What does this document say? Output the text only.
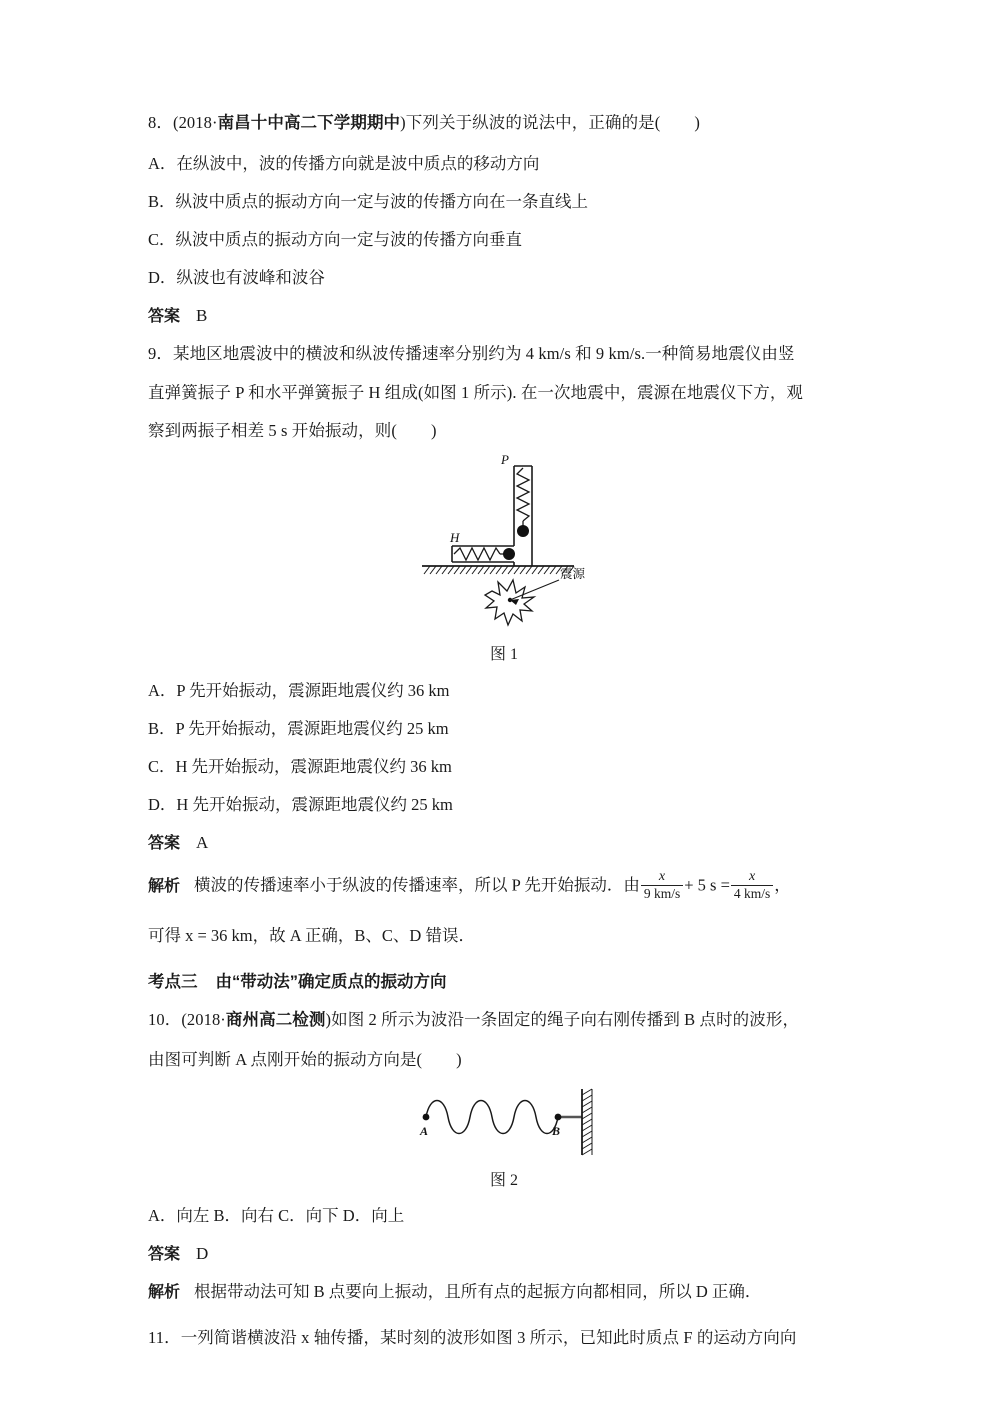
8．(2018·南昌十中高二下学期期中)下列关于纵波的说法中，正确的是( )
A．在纵波中，波的传播方向就是波中质点的移动方向
B．纵波中质点的振动方向一定与波的传播方向在一条直线上
C．纵波中质点的振动方向一定与波的传播方向垂直
D．纵波也有波峰和波谷
答案 B
9．某地区地震波中的横波和纵波传播速率分别约为 4 km/s 和 9 km/s.一种简易地震仪由竖
直弹簧振子 P 和水平弹簧振子 H 组成(如图 1 所示). 在一次地震中，震源在地震仪下方，观
察到两振子相差 5 s 开始振动，则( )
P
H
震源
图 1
A．P 先开始振动，震源距地震仪约 36 km
B．P 先开始振动，震源距地震仪约 25 km
C．H 先开始振动，震源距地震仪约 36 km
D．H 先开始振动，震源距地震仪约 25 km
答案 A
解析 横波的传播速率小于纵波的传播速率，所以 P 先开始振动．由 $\frac{x}{9 km/s} + 5$ $s = \frac{x}{4 km/s}$ ，
可得 x = 36 km，故 A 正确，B、C、D 错误．
考点三 由“带动法”确定质点的振动方向
10．(2018·商州高二检测)如图 2 所示为波沿一条固定的绳子向右刚传播到 B 点时的波形，
由图可判断 A 点刚开始的振动方向是( )
A	B
图 2
A．向左 B．向右 C．向下 D．向上
答案 D
解析 根据带动法可知 B 点要向上振动，且所有点的起振方向都相同，所以 D 正确．
11．一列简谐横波沿 x 轴传播，某时刻的波形如图 3 所示，已知此时质点 F 的运动方向向
